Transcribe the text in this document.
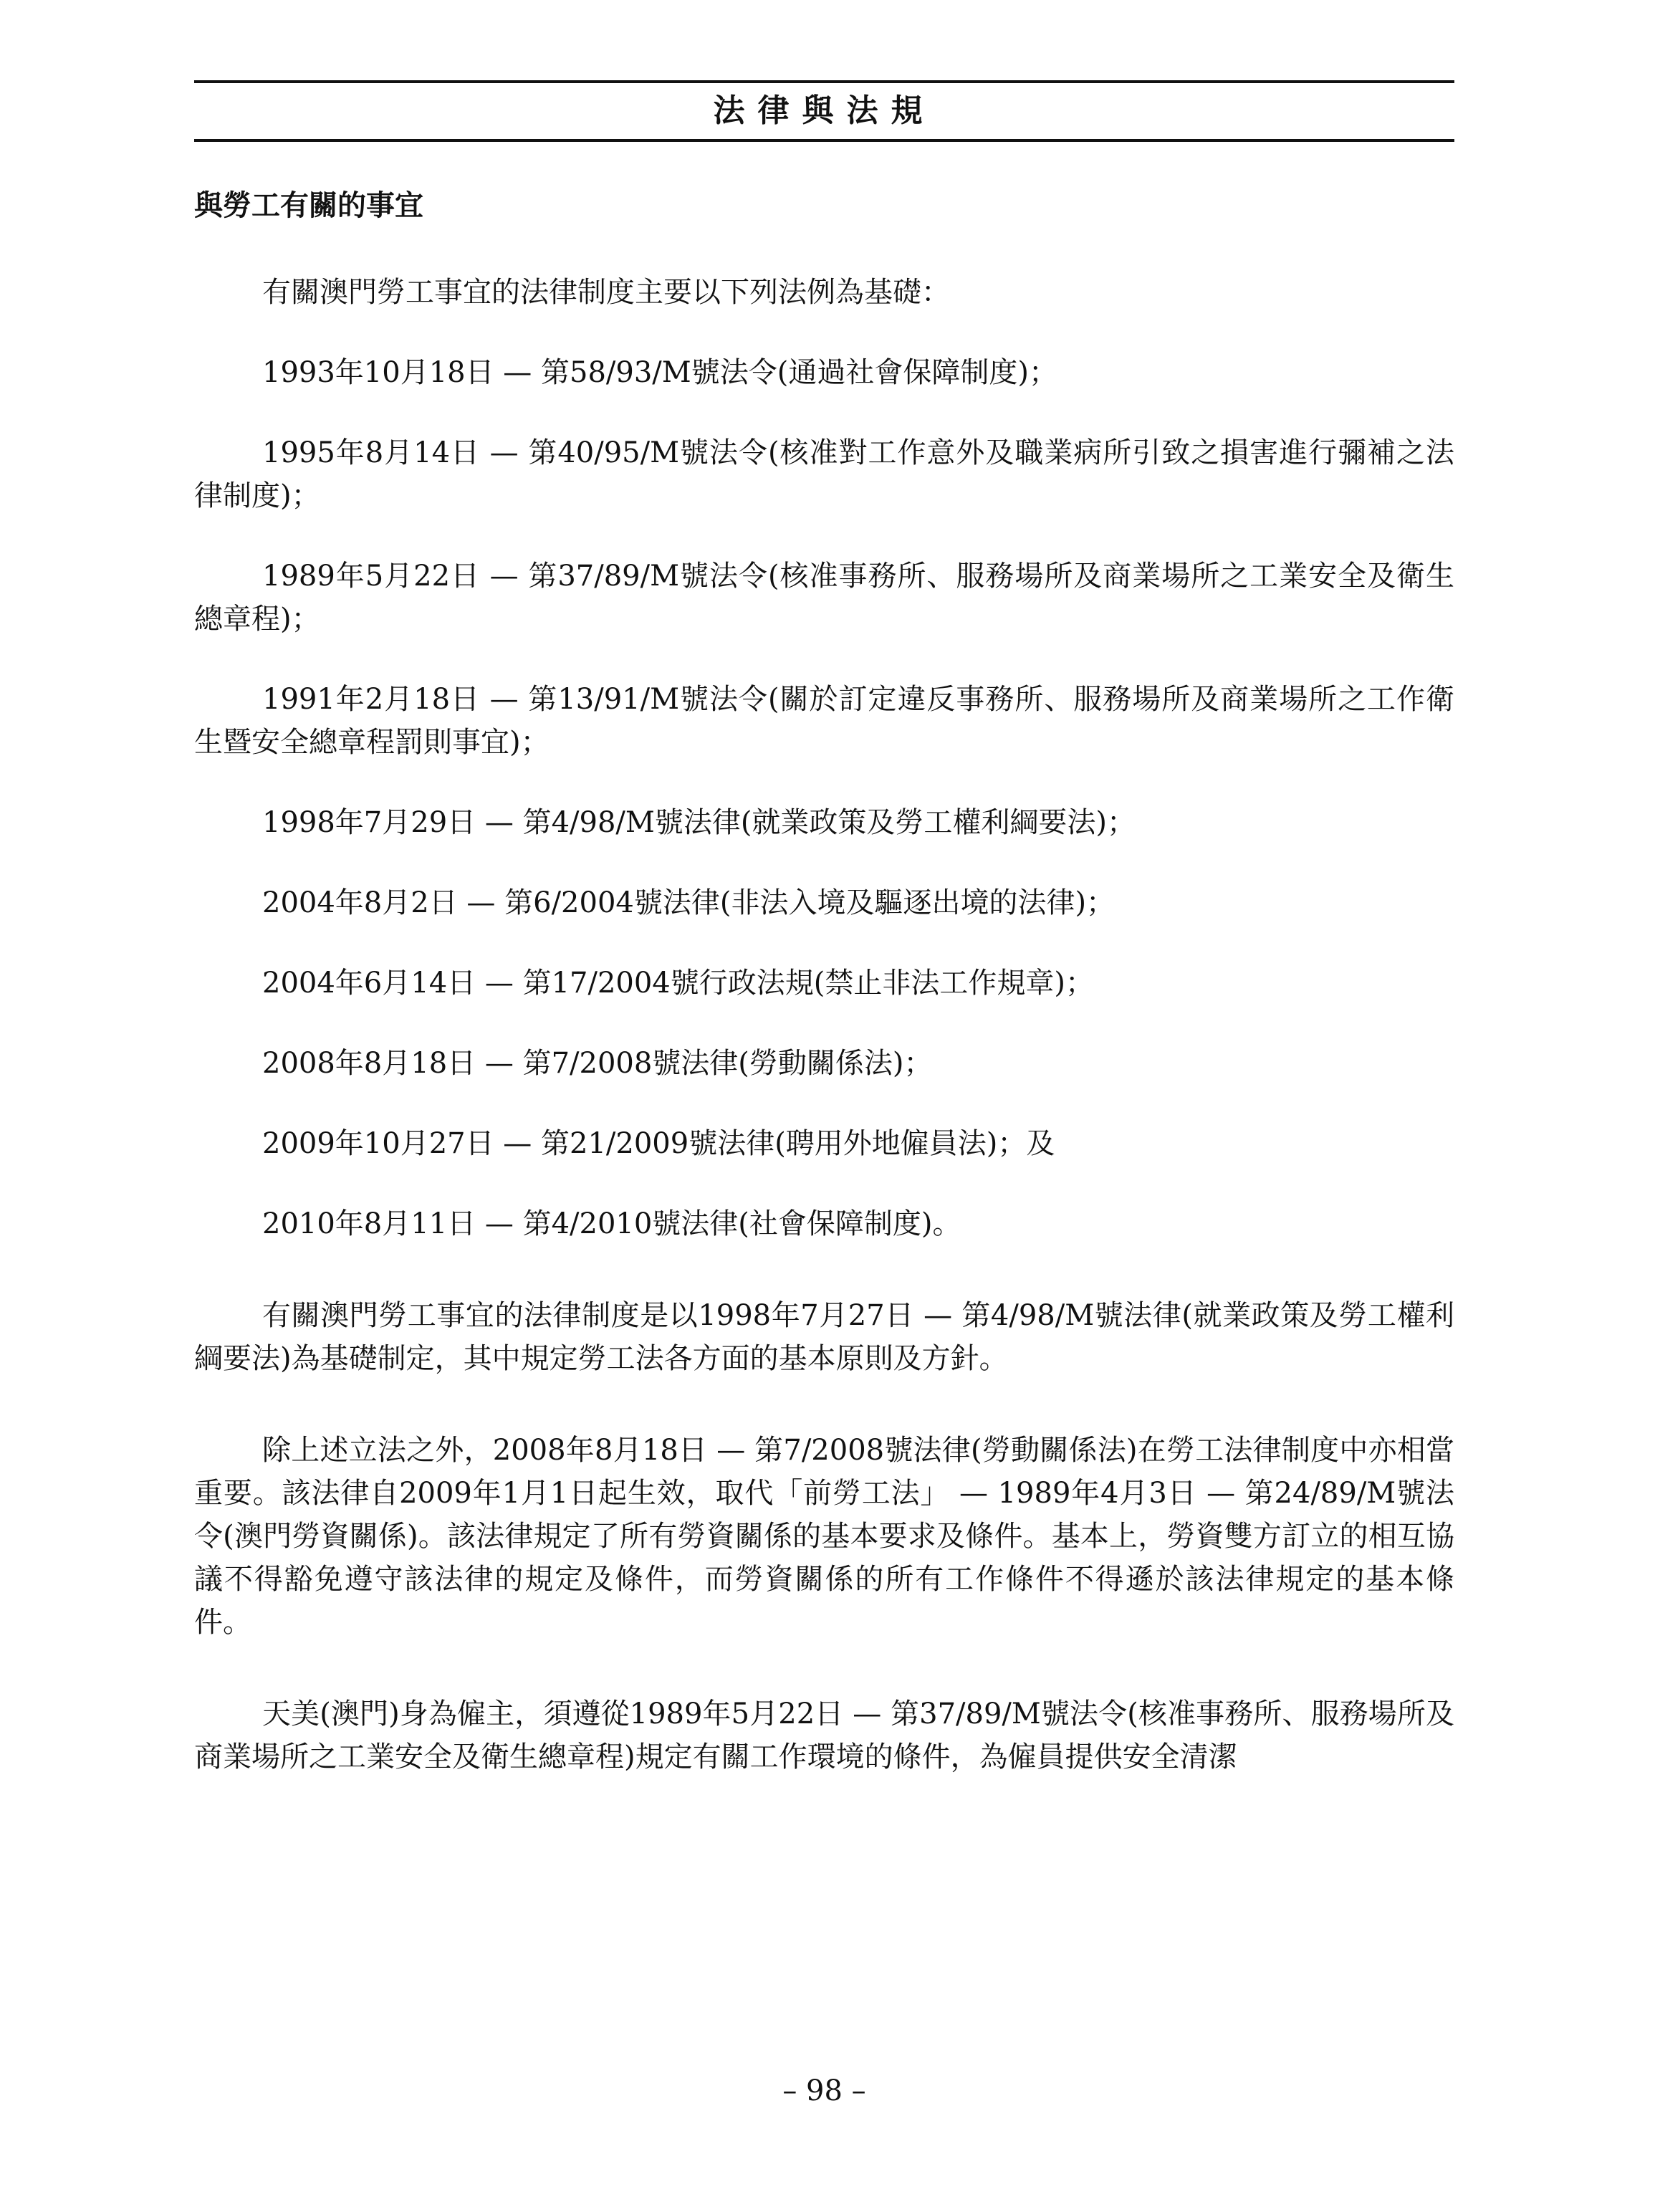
法律與法規
與勞工有關的事宜

有關澳門勞工事宜的法律制度主要以下列法例為基礎：

1993年10月18日 — 第58/93/M號法令(通過社會保障制度)；

1995年8月14日 — 第40/95/M號法令(核准對工作意外及職業病所引致之損害進行彌補之法律制度)；

1989年5月22日 — 第37/89/M號法令(核准事務所、服務場所及商業場所之工業安全及衛生總章程)；

1991年2月18日 — 第13/91/M號法令(關於訂定違反事務所、服務場所及商業場所之工作衛生暨安全總章程罰則事宜)；

1998年7月29日 — 第4/98/M號法律(就業政策及勞工權利綱要法)；

2004年8月2日 — 第6/2004號法律(非法入境及驅逐出境的法律)；

2004年6月14日 — 第17/2004號行政法規(禁止非法工作規章)；

2008年8月18日 — 第7/2008號法律(勞動關係法)；

2009年10月27日 — 第21/2009號法律(聘用外地僱員法)；及

2010年8月11日 — 第4/2010號法律(社會保障制度)。

有關澳門勞工事宜的法律制度是以1998年7月27日 — 第4/98/M號法律(就業政策及勞工權利綱要法)為基礎制定，其中規定勞工法各方面的基本原則及方針。

除上述立法之外，2008年8月18日 — 第7/2008號法律(勞動關係法)在勞工法律制度中亦相當重要。該法律自2009年1月1日起生效，取代「前勞工法」 — 1989年4月3日 — 第24/89/M號法令(澳門勞資關係)。該法律規定了所有勞資關係的基本要求及條件。基本上，勞資雙方訂立的相互協議不得豁免遵守該法律的規定及條件，而勞資關係的所有工作條件不得遜於該法律規定的基本條件。

天美(澳門)身為僱主，須遵從1989年5月22日 — 第37/89/M號法令(核准事務所、服務場所及商業場所之工業安全及衛生總章程)規定有關工作環境的條件，為僱員提供安全清潔

– 98 –
